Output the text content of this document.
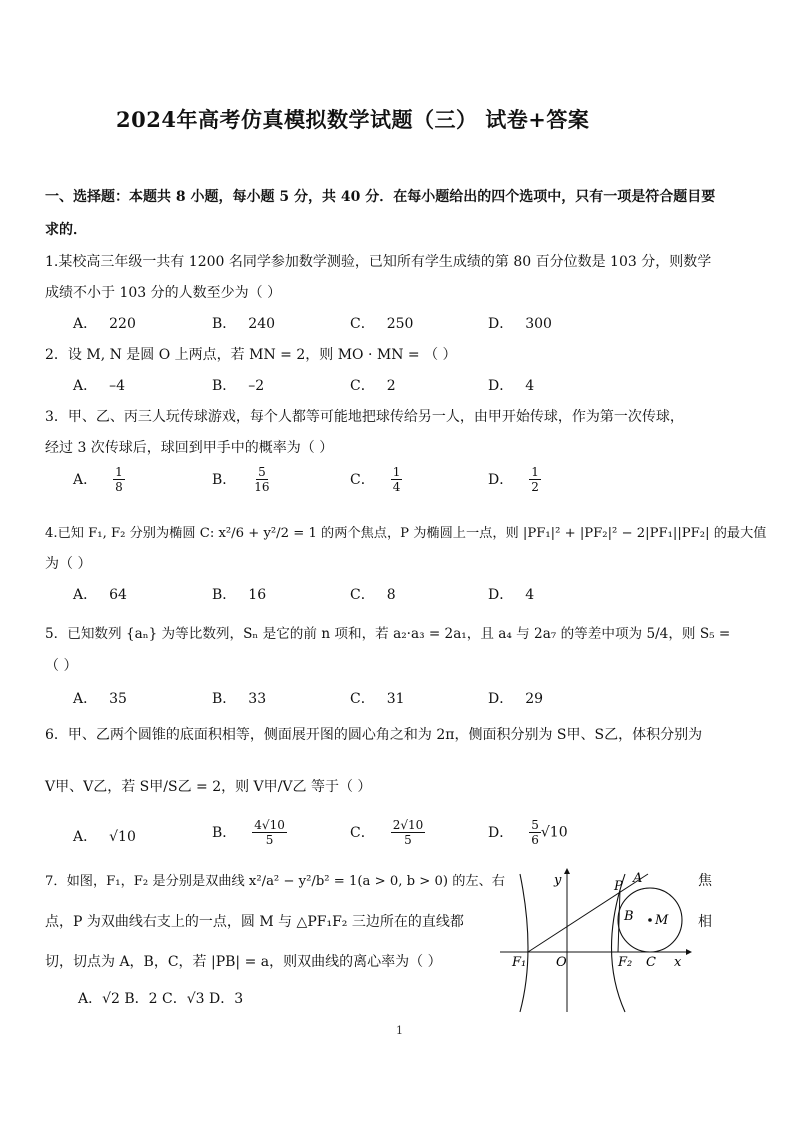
2024年高考仿真模拟数学试题（三） 试卷+答案
一、选择题：本题共 8 小题，每小题 5 分，共 40 分．在每小题给出的四个选项中，只有一项是符合题目要
求的．
1.某校高三年级一共有 1200 名同学参加数学测验，已知所有学生成绩的第 80 百分位数是 103 分，则数学
成绩不小于 103 分的人数至少为（ ）
A． 220	B． 240	C． 250	D． 300
2．设 M, N 是圆 O 上两点，若 MN = 2，则 MO · MN = （ ）
A． –4	B． –2	C． 2	D． 4
3．甲、乙、丙三人玩传球游戏，每个人都等可能地把球传给另一人，由甲开始传球，作为第一次传球，
经过 3 次传球后，球回到甲手中的概率为（ ）
A． $\frac{1}{8}$	B． $\frac{5}{16}$	C． $\frac{1}{4}$	D． $\frac{1}{2}$
4.已知 F₁, F₂ 分别为椭圆 C: x²/6 + y²/2 = 1 的两个焦点，P 为椭圆上一点，则 |PF₁|² + |PF₂|² − 2|PF₁||PF₂| 的最大值
为（ ）
A． 64	B． 16	C． 8	D． 4
5．已知数列 {aₙ} 为等比数列，Sₙ 是它的前 n 项和，若 a₂·a₃ = 2a₁，且 a₄ 与 2a₇ 的等差中项为 5/4，则 S₅ =
（ ）
A． 35	B． 33	C． 31	D． 29
6．甲、乙两个圆锥的底面积相等，侧面展开图的圆心角之和为 2π，侧面积分别为 S甲、S乙，体积分别为
V甲、V乙，若 S甲/S乙 = 2，则 V甲/V乙 等于（ ）
A． √10	B． $\frac{4√10}{5}$	C． $\frac{2√10}{5}$	D． $\frac{5}{6} √10$
7．如图，F₁，F₂ 是分别是双曲线 x²/a² − y²/b² = 1(a > 0, b > 0) 的左、右
点，P 为双曲线右支上的一点，圆 M 与 △PF₁F₂ 三边所在的直线都
切，切点为 A，B，C，若 |PB| = a，则双曲线的离心率为（ ）
焦
相
A．√2 B．2 C．√3 D．3
y
x
O
P
A
B M
C
F₁	F₂
1
